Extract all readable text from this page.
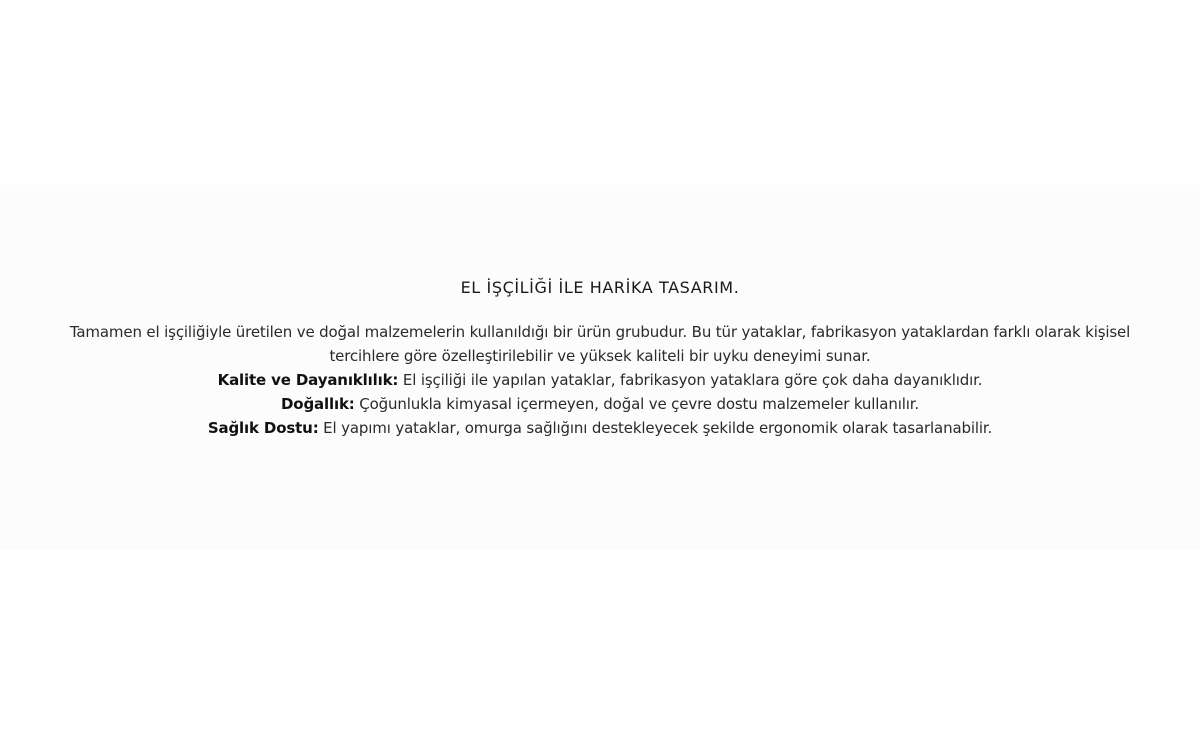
EL İŞÇİLİĞİ İLE HARİKA TASARIM.

Tamamen el işçiliğiyle üretilen ve doğal malzemelerin kullanıldığı bir ürün grubudur. Bu tür yataklar, fabrikasyon yataklardan farklı olarak kişisel tercihlere göre özelleştirilebilir ve yüksek kaliteli bir uyku deneyimi sunar.

Kalite ve Dayanıklılık: El işçiliği ile yapılan yataklar, fabrikasyon yataklara göre çok daha dayanıklıdır.

Doğallık: Çoğunlukla kimyasal içermeyen, doğal ve çevre dostu malzemeler kullanılır.

Sağlık Dostu: El yapımı yataklar, omurga sağlığını destekleyecek şekilde ergonomik olarak tasarlanabilir.
